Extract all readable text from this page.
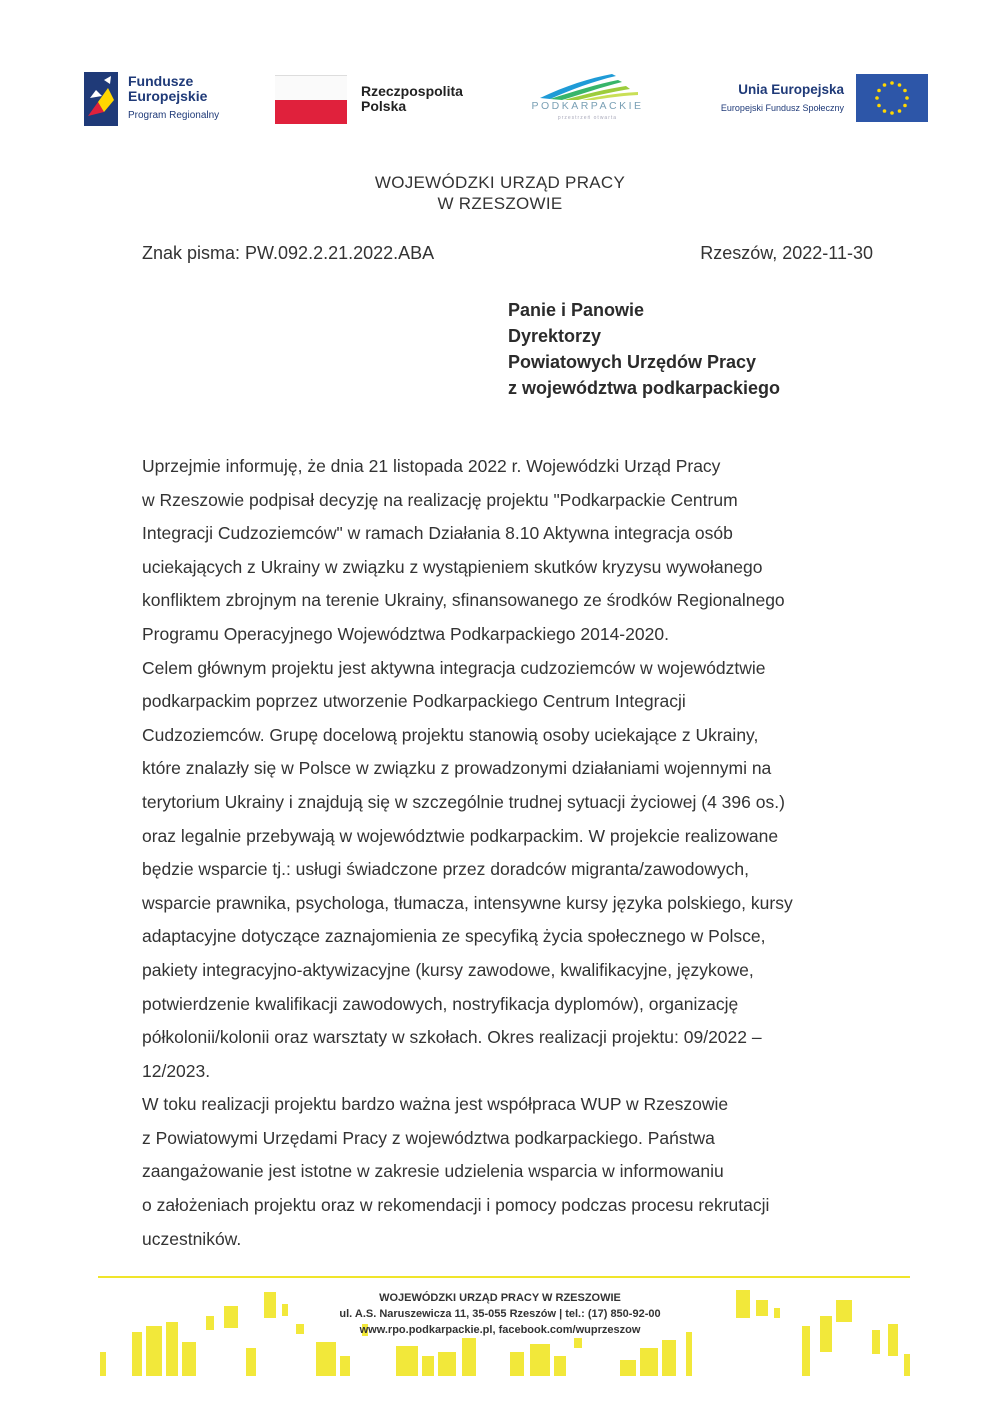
Fundusze
Europejskie
Program Regionalny
Rzeczpospolita
Polska	PODKARPACKIE
przestrzeń otwarta
Unia Europejska
Europejski Fundusz Społeczny
WOJEWÓDZKI URZĄD PRACY
W RZESZOWIE
Znak pisma: PW.092.2.21.2022.ABA	Rzeszów, 2022-11-30
Panie i Panowie
Dyrektorzy
Powiatowych Urzędów Pracy
z województwa podkarpackiego

Uprzejmie informuję, że dnia 21 listopada 2022 r. Wojewódzki Urząd Pracy

w Rzeszowie podpisał decyzję na realizację projektu "Podkarpackie Centrum

Integracji Cudzoziemców" w ramach Działania 8.10 Aktywna integracja osób

uciekających z Ukrainy w związku z wystąpieniem skutków kryzysu wywołanego

konfliktem zbrojnym na terenie Ukrainy, sfinansowanego ze środków Regionalnego

Programu Operacyjnego Województwa Podkarpackiego 2014-2020.

Celem głównym projektu jest aktywna integracja cudzoziemców w województwie

podkarpackim poprzez utworzenie Podkarpackiego Centrum Integracji

Cudzoziemców. Grupę docelową projektu stanowią osoby uciekające z Ukrainy,

które znalazły się w Polsce w związku z prowadzonymi działaniami wojennymi na

terytorium Ukrainy i znajdują się w szczególnie trudnej sytuacji życiowej (4 396 os.)

oraz legalnie przebywają w województwie podkarpackim. W projekcie realizowane

będzie wsparcie tj.: usługi świadczone przez doradców migranta/zawodowych,

wsparcie prawnika, psychologa, tłumacza, intensywne kursy języka polskiego, kursy

adaptacyjne dotyczące zaznajomienia ze specyfiką życia społecznego w Polsce,

pakiety integracyjno-aktywizacyjne (kursy zawodowe, kwalifikacyjne, językowe,

potwierdzenie kwalifikacji zawodowych, nostryfikacja dyplomów), organizację

półkolonii/kolonii oraz warsztaty w szkołach. Okres realizacji projektu: 09/2022 –

12/2023.

W toku realizacji projektu bardzo ważna jest współpraca WUP w Rzeszowie

z Powiatowymi Urzędami Pracy z województwa podkarpackiego. Państwa

zaangażowanie jest istotne w zakresie udzielenia wsparcia w informowaniu

o założeniach projektu oraz w rekomendacji i pomocy podczas procesu rekrutacji

uczestników.

WOJEWÓDZKI URZĄD PRACY W RZESZOWIE
ul. A.S. Naruszewicza 11, 35-055 Rzeszów | tel.: (17) 850-92-00
www.rpo.podkarpackie.pl, facebook.com/wuprzeszow
